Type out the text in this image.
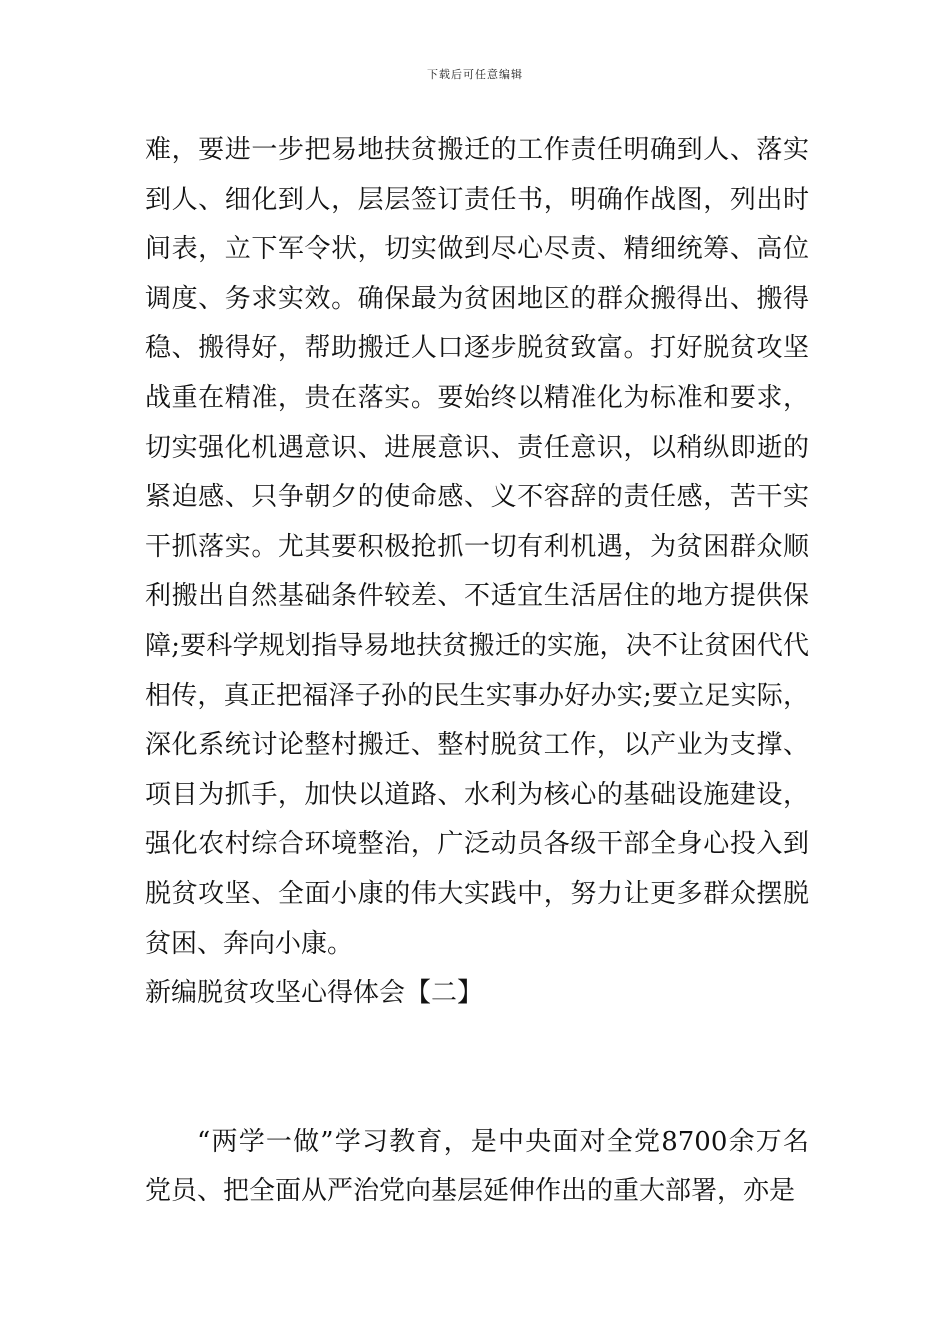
下载后可任意编辑

难，要进一步把易地扶贫搬迁的工作责任明确到人、落实到人、细化到人，层层签订责任书，明确作战图，列出时间表，立下军令状，切实做到尽心尽责、精细统筹、高位调度、务求实效。确保最为贫困地区的群众搬得出、搬得稳、搬得好，帮助搬迁人口逐步脱贫致富。打好脱贫攻坚战重在精准，贵在落实。要始终以精准化为标准和要求，切实强化机遇意识、进展意识、责任意识，以稍纵即逝的紧迫感、只争朝夕的使命感、义不容辞的责任感，苦干实干抓落实。尤其要积极抢抓一切有利机遇，为贫困群众顺利搬出自然基础条件较差、不适宜生活居住的地方提供保障;要科学规划指导易地扶贫搬迁的实施，决不让贫困代代相传，真正把福泽子孙的民生实事办好办实;要立足实际，深化系统讨论整村搬迁、整村脱贫工作，以产业为支撑、项目为抓手，加快以道路、水利为核心的基础设施建设，强化农村综合环境整治，广泛动员各级干部全身心投入到脱贫攻坚、全面小康的伟大实践中，努力让更多群众摆脱贫困、奔向小康。

新编脱贫攻坚心得体会【二】

“两学一做”学习教育，是中央面对全党8700余万名党员、把全面从严治党向基层延伸作出的重大部署，亦是
